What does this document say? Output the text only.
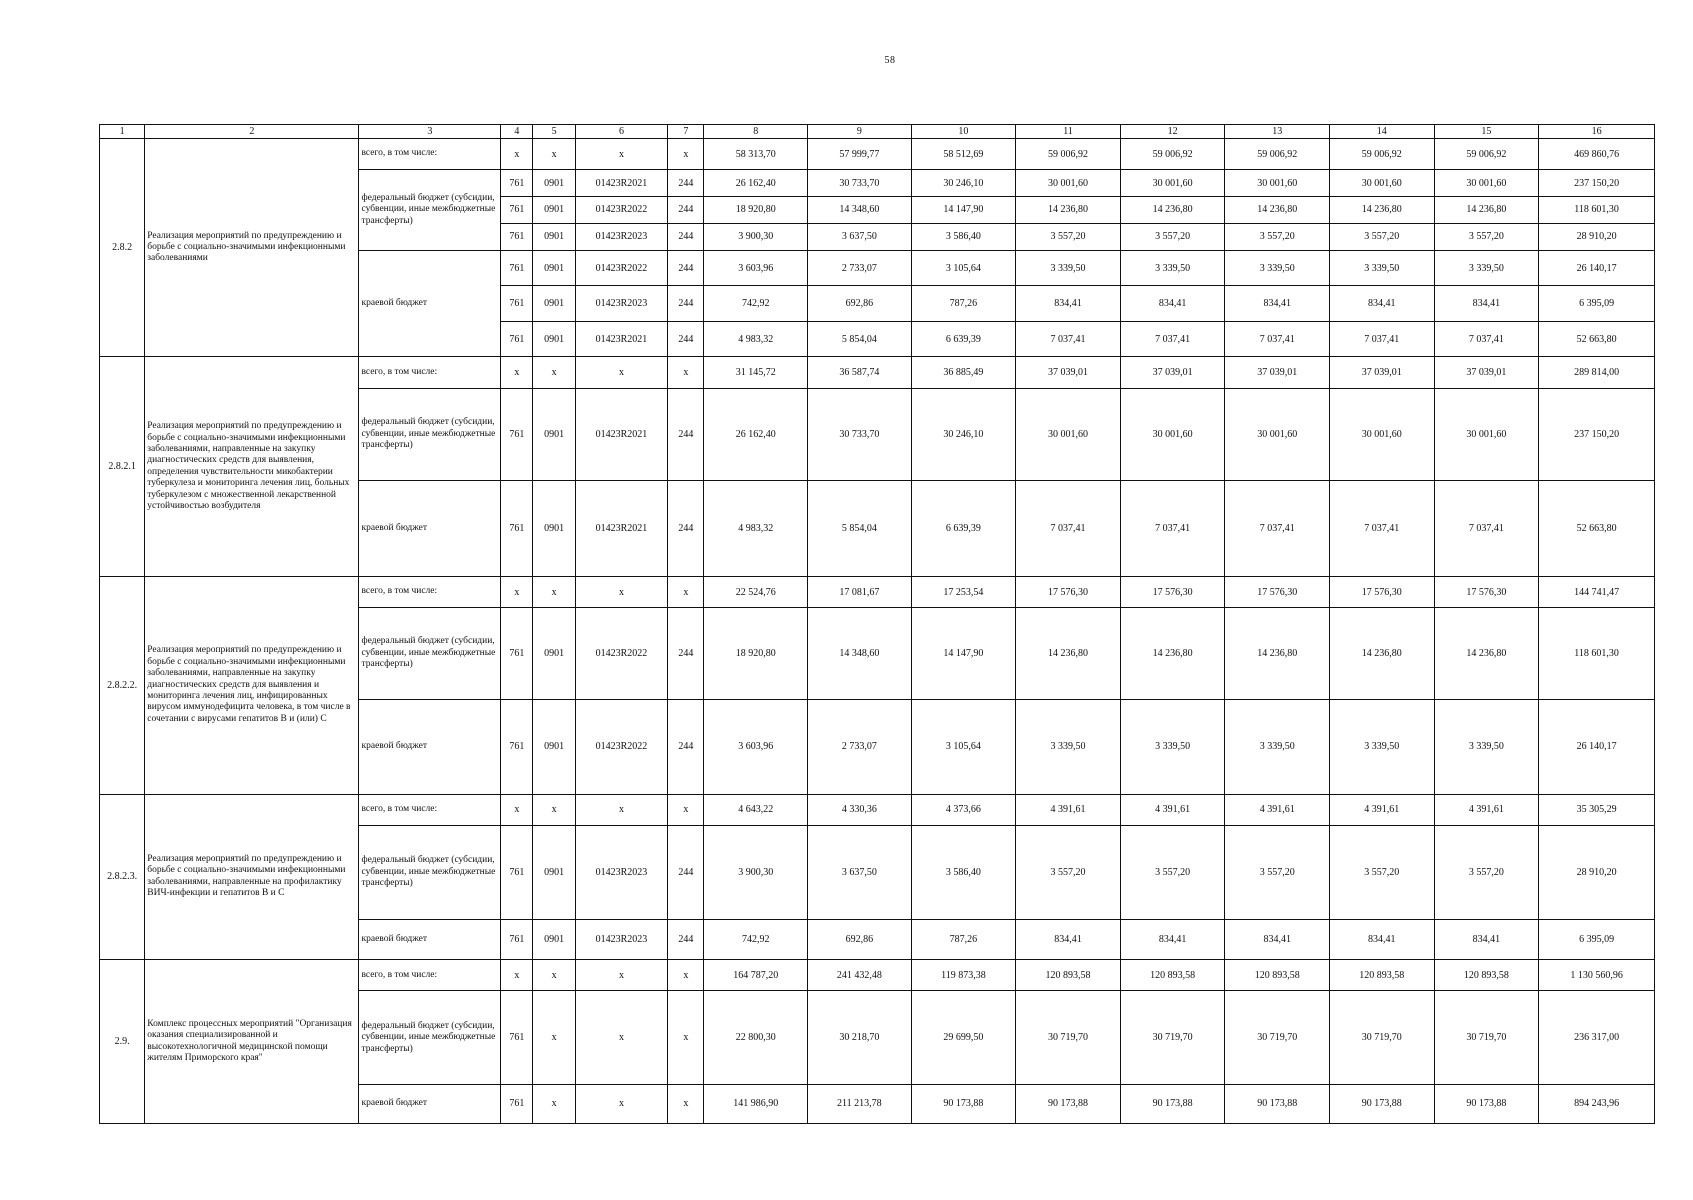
58
1	2	3	4	5	6	7	8	9	10	11	12	13	14	15	16
2.8.2	Реализация мероприятий по предупреждению и борьбе с социально-значимыми инфекционными заболеваниями	всего, в том числе:	x	x	x	x	58 313,70	57 999,77	58 512,69	59 006,92	59 006,92	59 006,92	59 006,92	59 006,92	469 860,76
		федеральный бюджет (субсидии, субвенции, иные межбюджетные трансферты)	761	0901	01423R2021	244	26 162,40	30 733,70	30 246,10	30 001,60	30 001,60	30 001,60	30 001,60	30 001,60	237 150,20
			761	0901	01423R2022	244	18 920,80	14 348,60	14 147,90	14 236,80	14 236,80	14 236,80	14 236,80	14 236,80	118 601,30
			761	0901	01423R2023	244	3 900,30	3 637,50	3 586,40	3 557,20	3 557,20	3 557,20	3 557,20	3 557,20	28 910,20
		краевой бюджет	761	0901	01423R2022	244	3 603,96	2 733,07	3 105,64	3 339,50	3 339,50	3 339,50	3 339,50	3 339,50	26 140,17
			761	0901	01423R2023	244	742,92	692,86	787,26	834,41	834,41	834,41	834,41	834,41	6 395,09
			761	0901	01423R2021	244	4 983,32	5 854,04	6 639,39	7 037,41	7 037,41	7 037,41	7 037,41	7 037,41	52 663,80
2.8.2.1	Реализация мероприятий по предупреждению и борьбе с социально-значимыми инфекционными заболеваниями, направленные на закупку диагностических средств для выявления, определения чувствительности микобактерии туберкулеза и мониторинга лечения лиц, больных туберкулезом с множественной лекарственной устойчивостью возбудителя	всего, в том числе:	x	x	x	x	31 145,72	36 587,74	36 885,49	37 039,01	37 039,01	37 039,01	37 039,01	37 039,01	289 814,00
		федеральный бюджет (субсидии, субвенции, иные межбюджетные трансферты)	761	0901	01423R2021	244	26 162,40	30 733,70	30 246,10	30 001,60	30 001,60	30 001,60	30 001,60	30 001,60	237 150,20
		краевой бюджет	761	0901	01423R2021	244	4 983,32	5 854,04	6 639,39	7 037,41	7 037,41	7 037,41	7 037,41	7 037,41	52 663,80
2.8.2.2.	Реализация мероприятий по предупреждению и борьбе с социально-значимыми инфекционными заболеваниями, направленные на закупку диагностических средств для выявления и мониторинга лечения лиц, инфицированных вирусом иммунодефицита человека, в том числе в сочетании с вирусами гепатитов В и (или) С	всего, в том числе:	x	x	x	x	22 524,76	17 081,67	17 253,54	17 576,30	17 576,30	17 576,30	17 576,30	17 576,30	144 741,47
		федеральный бюджет (субсидии, субвенции, иные межбюджетные трансферты)	761	0901	01423R2022	244	18 920,80	14 348,60	14 147,90	14 236,80	14 236,80	14 236,80	14 236,80	14 236,80	118 601,30
		краевой бюджет	761	0901	01423R2022	244	3 603,96	2 733,07	3 105,64	3 339,50	3 339,50	3 339,50	3 339,50	3 339,50	26 140,17
2.8.2.3.	Реализация мероприятий по предупреждению и борьбе с социально-значимыми инфекционными заболеваниями, направленные на профилактику ВИЧ-инфекции и гепатитов В и С	всего, в том числе:	x	x	x	x	4 643,22	4 330,36	4 373,66	4 391,61	4 391,61	4 391,61	4 391,61	4 391,61	35 305,29
		федеральный бюджет (субсидии, субвенции, иные межбюджетные трансферты)	761	0901	01423R2023	244	3 900,30	3 637,50	3 586,40	3 557,20	3 557,20	3 557,20	3 557,20	3 557,20	28 910,20
		краевой бюджет	761	0901	01423R2023	244	742,92	692,86	787,26	834,41	834,41	834,41	834,41	834,41	6 395,09
2.9.	Комплекс процессных мероприятий "Организация оказания специализированной и высокотехнологичной медицинской помощи жителям Приморского края"	всего, в том числе:	x	x	x	x	164 787,20	241 432,48	119 873,38	120 893,58	120 893,58	120 893,58	120 893,58	120 893,58	1 130 560,96
		федеральный бюджет (субсидии, субвенции, иные межбюджетные трансферты)	761	x	x	x	22 800,30	30 218,70	29 699,50	30 719,70	30 719,70	30 719,70	30 719,70	30 719,70	236 317,00
		краевой бюджет	761	x	x	x	141 986,90	211 213,78	90 173,88	90 173,88	90 173,88	90 173,88	90 173,88	90 173,88	894 243,96
